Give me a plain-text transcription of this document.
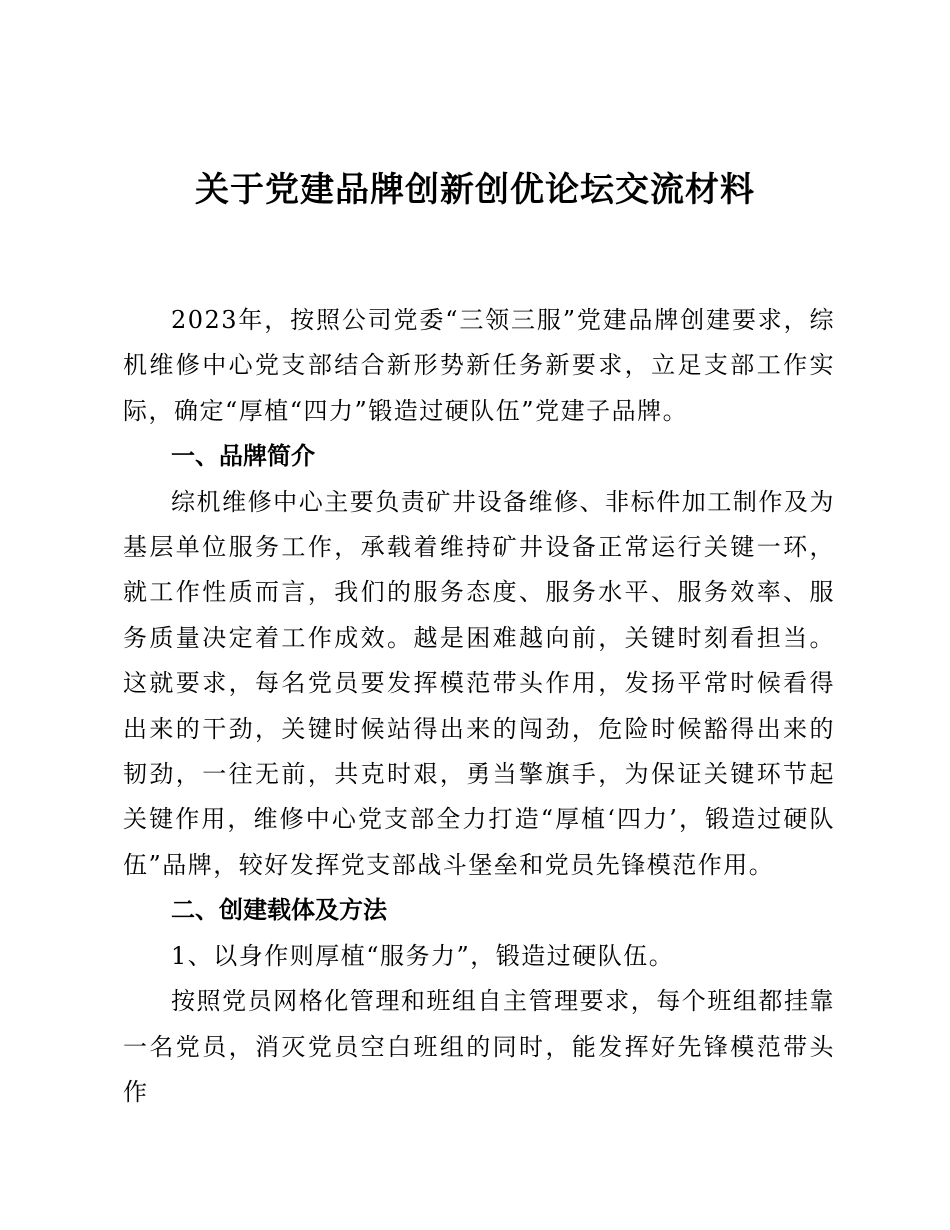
关于党建品牌创新创优论坛交流材料

2023年，按照公司党委“三领三服”党建品牌创建要求，综机维修中心党支部结合新形势新任务新要求，立足支部工作实际，确定“厚植“四力”锻造过硬队伍”党建子品牌。

一、品牌简介

综机维修中心主要负责矿井设备维修、非标件加工制作及为基层单位服务工作，承载着维持矿井设备正常运行关键一环，就工作性质而言，我们的服务态度、服务水平、服务效率、服务质量决定着工作成效。越是困难越向前，关键时刻看担当。这就要求，每名党员要发挥模范带头作用，发扬平常时候看得出来的干劲，关键时候站得出来的闯劲，危险时候豁得出来的韧劲，一往无前，共克时艰，勇当擎旗手，为保证关键环节起关键作用，维修中心党支部全力打造“厚植‘四力’，锻造过硬队伍”品牌，较好发挥党支部战斗堡垒和党员先锋模范作用。

二、创建载体及方法

1、以身作则厚植“服务力”，锻造过硬队伍。

按照党员网格化管理和班组自主管理要求，每个班组都挂靠一名党员，消灭党员空白班组的同时，能发挥好先锋模范带头作
